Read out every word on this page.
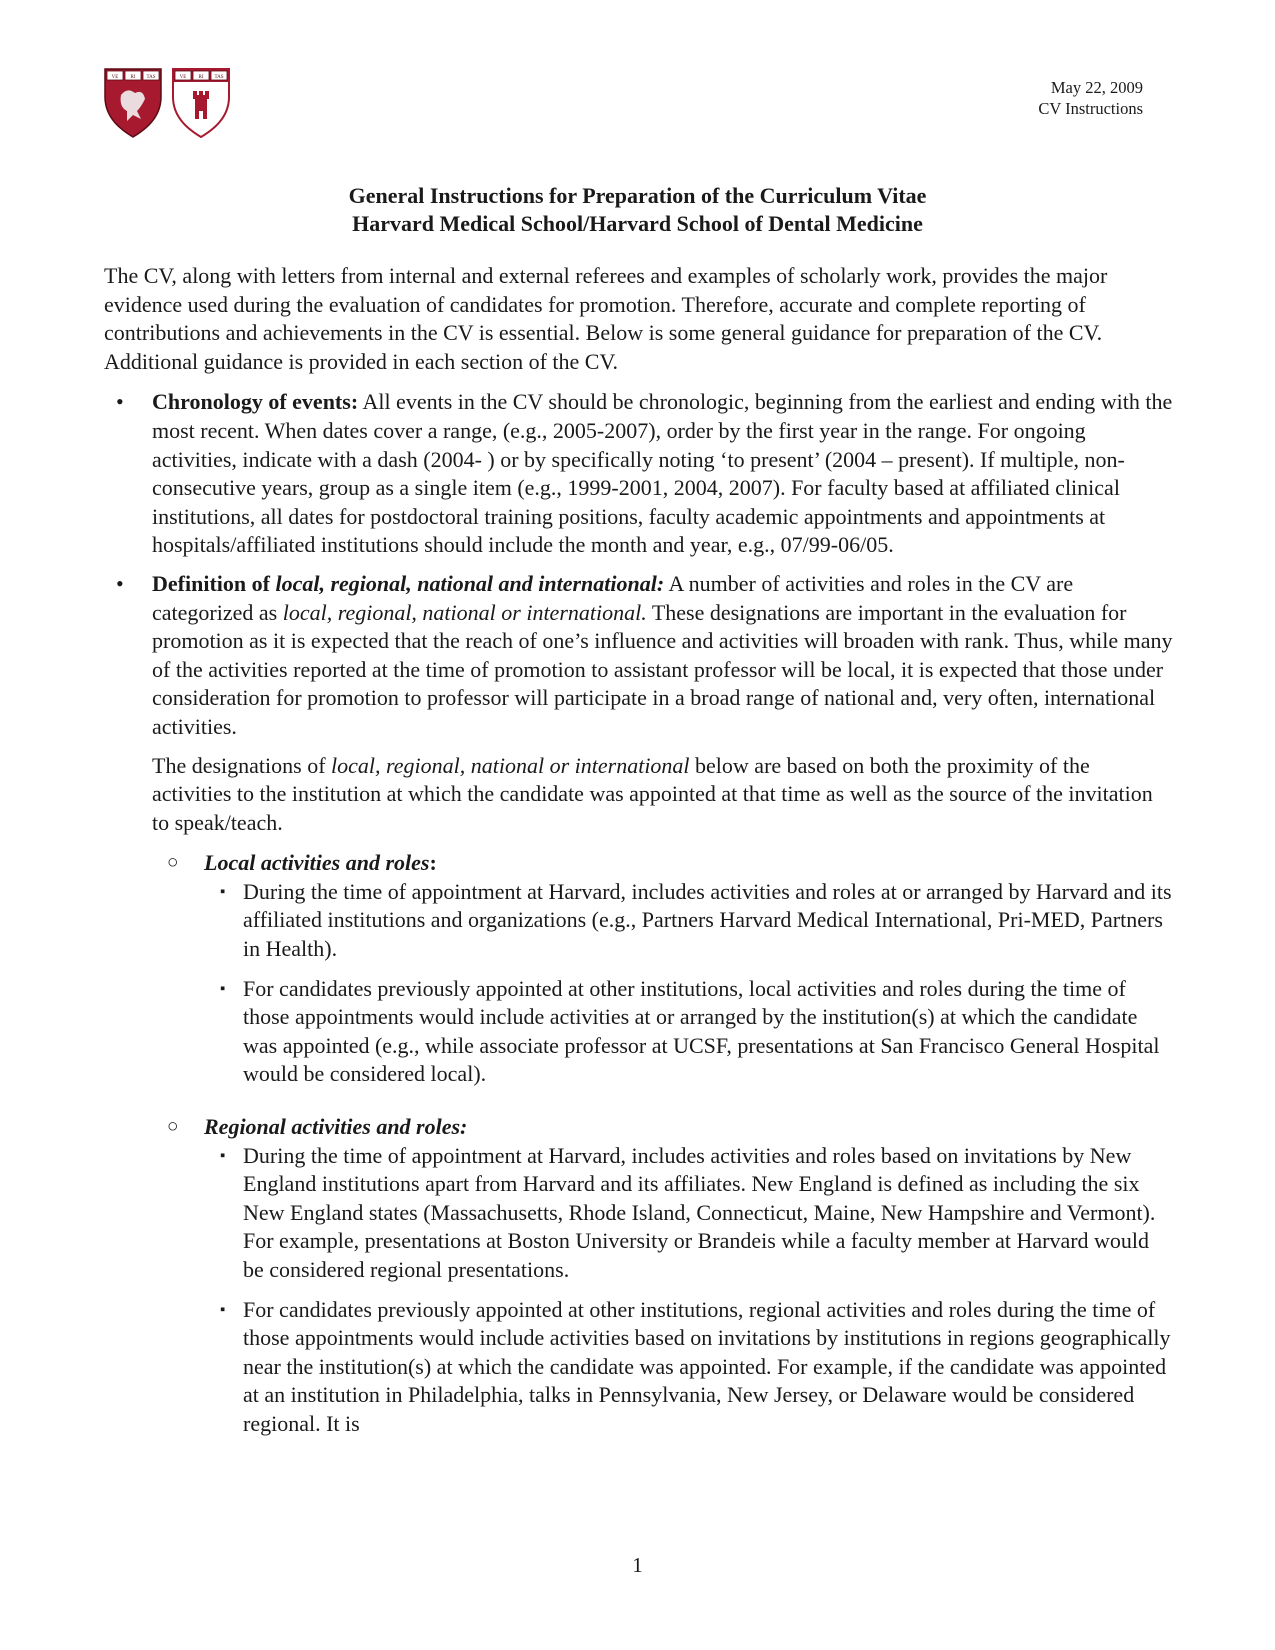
VE RI TAS	VE RI TAS
May 22, 2009
CV Instructions
General Instructions for Preparation of the Curriculum Vitae
Harvard Medical School/Harvard School of Dental Medicine

The CV, along with letters from internal and external referees and examples of scholarly work, provides the major evidence used during the evaluation of candidates for promotion. Therefore, accurate and complete reporting of contributions and achievements in the CV is essential. Below is some general guidance for preparation of the CV. Additional guidance is provided in each section of the CV.

• Chronology of events: All events in the CV should be chronologic, beginning from the earliest and ending with the most recent. When dates cover a range, (e.g., 2005-2007), order by the first year in the range. For ongoing activities, indicate with a dash (2004- ) or by specifically noting ‘to present’ (2004 – present). If multiple, non-consecutive years, group as a single item (e.g., 1999-2001, 2004, 2007). For faculty based at affiliated clinical institutions, all dates for postdoctoral training positions, faculty academic appointments and appointments at hospitals/affiliated institutions should include the month and year, e.g., 07/99-06/05.

• Definition of local, regional, national and international: A number of activities and roles in the CV are categorized as local, regional, national or international. These designations are important in the evaluation for promotion as it is expected that the reach of one’s influence and activities will broaden with rank. Thus, while many of the activities reported at the time of promotion to assistant professor will be local, it is expected that those under consideration for promotion to professor will participate in a broad range of national and, very often, international activities.

The designations of local, regional, national or international below are based on both the proximity of the activities to the institution at which the candidate was appointed at that time as well as the source of the invitation to speak/teach.

○ Local activities and roles:

▪ During the time of appointment at Harvard, includes activities and roles at or arranged by Harvard and its affiliated institutions and organizations (e.g., Partners Harvard Medical International, Pri-MED, Partners in Health).

▪ For candidates previously appointed at other institutions, local activities and roles during the time of those appointments would include activities at or arranged by the institution(s) at which the candidate was appointed (e.g., while associate professor at UCSF, presentations at San Francisco General Hospital would be considered local).

○ Regional activities and roles:

▪ During the time of appointment at Harvard, includes activities and roles based on invitations by New England institutions apart from Harvard and its affiliates. New England is defined as including the six New England states (Massachusetts, Rhode Island, Connecticut, Maine, New Hampshire and Vermont). For example, presentations at Boston University or Brandeis while a faculty member at Harvard would be considered regional presentations.

▪ For candidates previously appointed at other institutions, regional activities and roles during the time of those appointments would include activities based on invitations by institutions in regions geographically near the institution(s) at which the candidate was appointed. For example, if the candidate was appointed at an institution in Philadelphia, talks in Pennsylvania, New Jersey, or Delaware would be considered regional. It is

1
